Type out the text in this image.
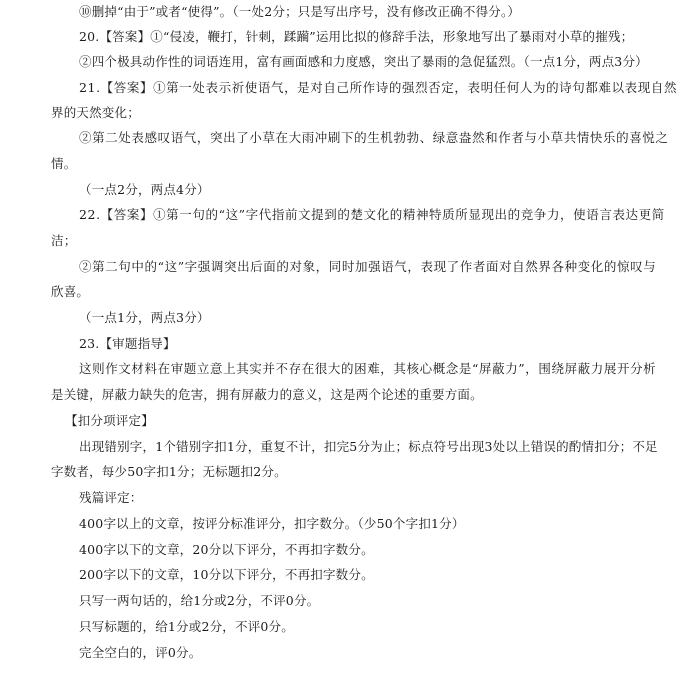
⑩删掉“由于”或者“使得”。（一处2分；只是写出序号，没有修改正确不得分。）
20.【答案】①“侵凌，鞭打，针刺，蹂躏”运用比拟的修辞手法，形象地写出了暴雨对小草的摧残；
②四个极具动作性的词语连用，富有画面感和力度感，突出了暴雨的急促猛烈。（一点1分，两点3分）
21.【答案】①第一处表示祈使语气，是对自己所作诗的强烈否定，表明任何人为的诗句都难以表现自然
界的天然变化；
②第二处表感叹语气，突出了小草在大雨冲刷下的生机勃勃、绿意盎然和作者与小草共情快乐的喜悦之
情。
（一点2分，两点4分）
22.【答案】①第一句的“这”字代指前文提到的楚文化的精神特质所显现出的竞争力，使语言表达更简
洁；
②第二句中的“这”字强调突出后面的对象，同时加强语气，表现了作者面对自然界各种变化的惊叹与
欣喜。
（一点1分，两点3分）
23.【审题指导】
这则作文材料在审题立意上其实并不存在很大的困难，其核心概念是“屏蔽力”，围绕屏蔽力展开分析
是关键，屏蔽力缺失的危害，拥有屏蔽力的意义，这是两个论述的重要方面。
【扣分项评定】
出现错别字，1个错别字扣1分，重复不计，扣完5分为止；标点符号出现3处以上错误的酌情扣分；不足
字数者，每少50字扣1分；无标题扣2分。
残篇评定：
400字以上的文章，按评分标准评分，扣字数分。（少50个字扣1分）
400字以下的文章，20分以下评分，不再扣字数分。
200字以下的文章，10分以下评分，不再扣字数分。
只写一两句话的，给1分或2分，不评0分。
只写标题的，给1分或2分，不评0分。
完全空白的，评0分。
